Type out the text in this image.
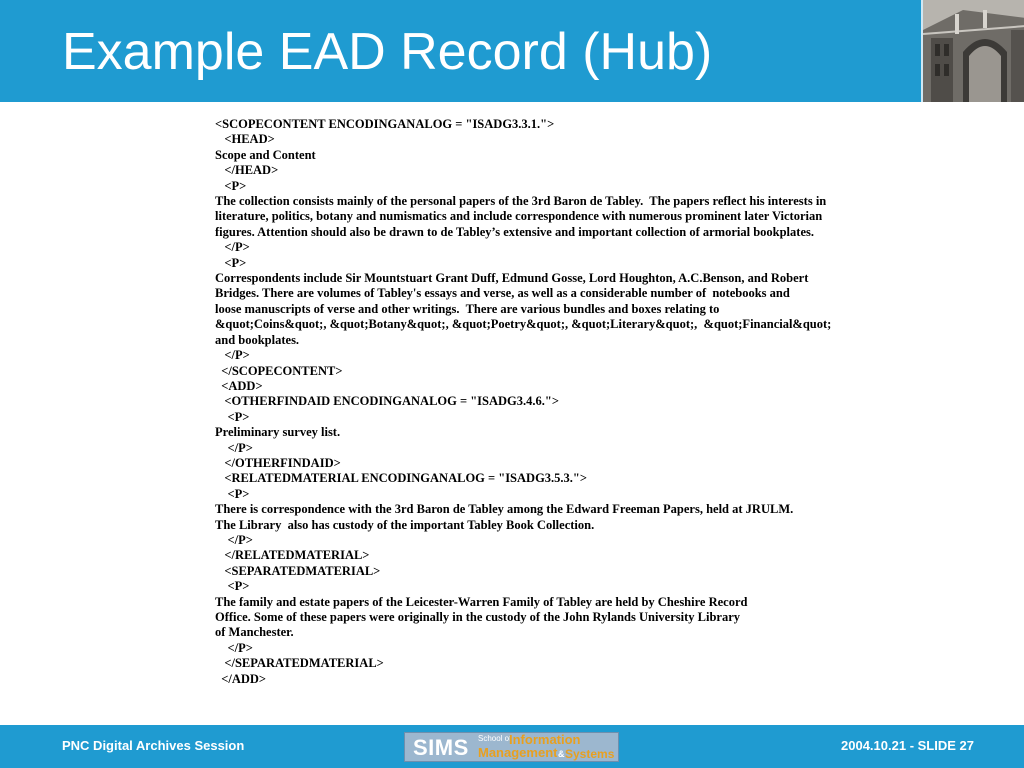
Example EAD Record (Hub)
<SCOPECONTENT ENCODINGANALOG = "ISADG3.3.1.">
<HEAD>
Scope and Content
</HEAD>
<P>
The collection consists mainly of the personal papers of the 3rd Baron de Tabley.  The papers reflect his interests in
literature, politics, botany and numismatics and include correspondence with numerous prominent later Victorian
figures. Attention should also be drawn to de Tabley’s extensive and important collection of armorial bookplates.
</P>
<P>
Correspondents include Sir Mountstuart Grant Duff, Edmund Gosse, Lord Houghton, A.C.Benson, and Robert
Bridges. There are volumes of Tabley's essays and verse, as well as a considerable number of  notebooks and
loose manuscripts of verse and other writings.  There are various bundles and boxes relating to
&quot;Coins&quot;, &quot;Botany&quot;, &quot;Poetry&quot;, &quot;Literary&quot;,  &quot;Financial&quot;
and bookplates.
</P>
</SCOPECONTENT>
<ADD>
<OTHERFINDAID ENCODINGANALOG = "ISADG3.4.6.">
<P>
Preliminary survey list.
</P>
</OTHERFINDAID>
<RELATEDMATERIAL ENCODINGANALOG = "ISADG3.5.3.">
<P>
There is correspondence with the 3rd Baron de Tabley among the Edward Freeman Papers, held at JRULM.
The Library  also has custody of the important Tabley Book Collection.
</P>
</RELATEDMATERIAL>
<SEPARATEDMATERIAL>
<P>
The family and estate papers of the Leicester-Warren Family of Tabley are held by Cheshire Record
Office. Some of these papers were originally in the custody of the John Rylands University Library
of Manchester.
</P>
</SEPARATEDMATERIAL>
</ADD>
PNC Digital Archives Session	SIMS School of
Information
Management & Systems
2004.10.21 - SLIDE 27
